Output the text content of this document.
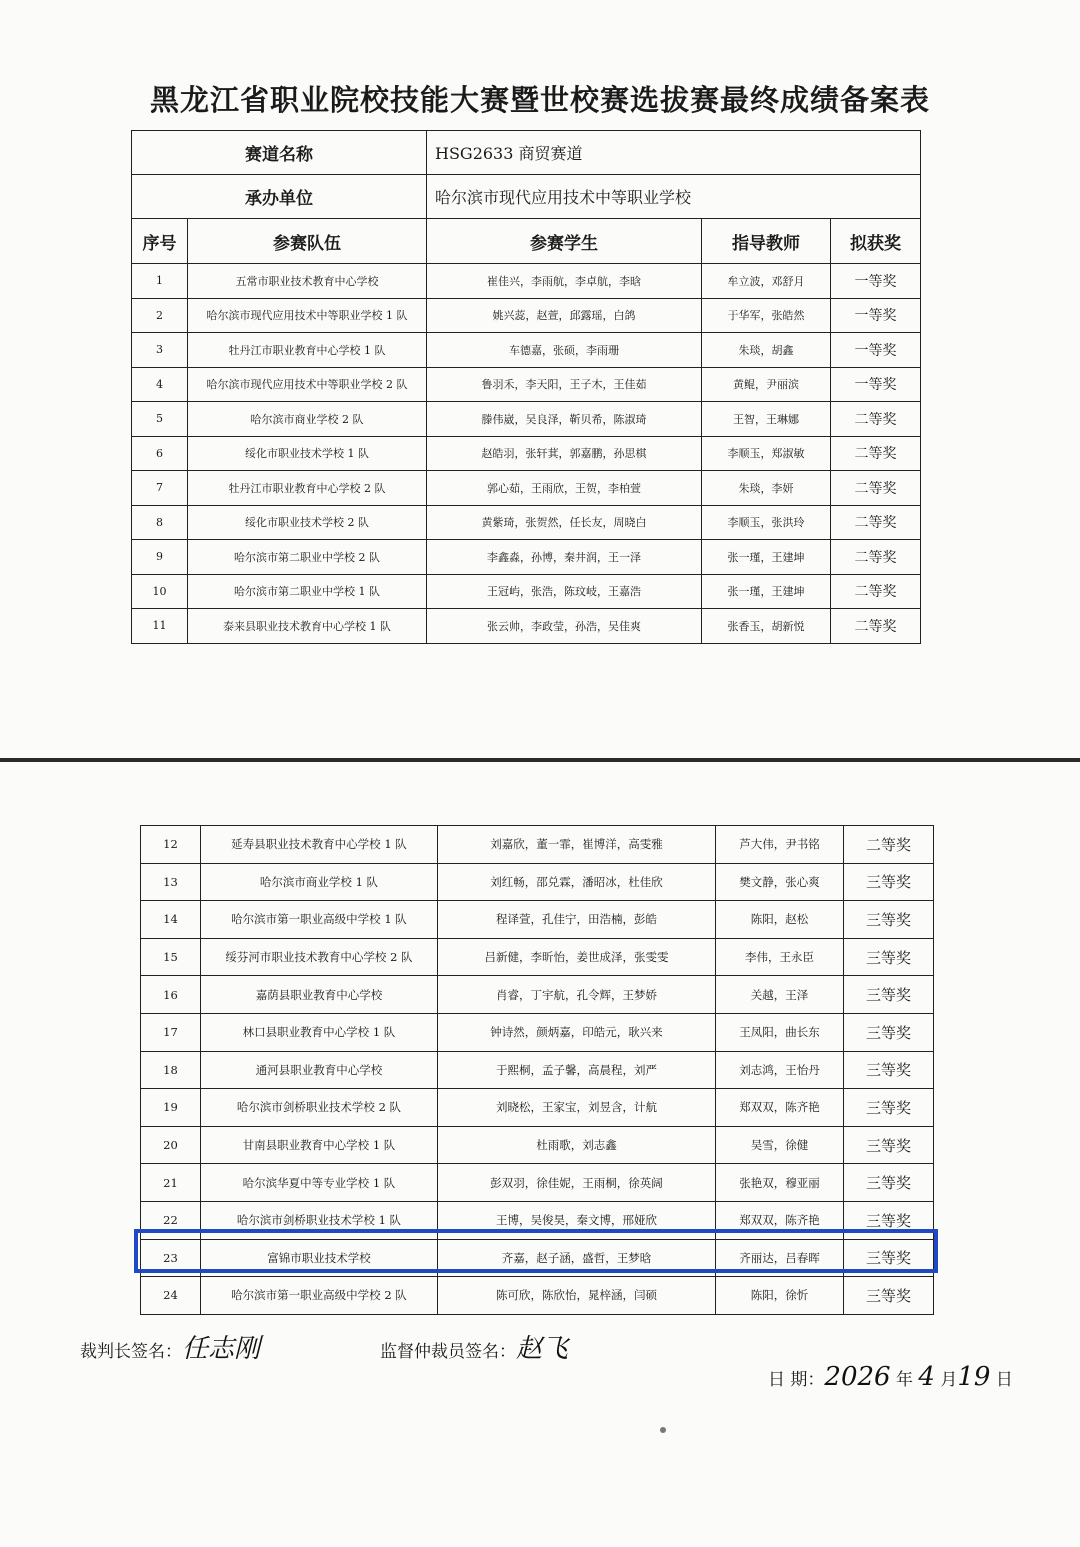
黑龙江省职业院校技能大赛暨世校赛选拔赛最终成绩备案表
赛道名称		HSG2633 商贸赛道		
承办单位		哈尔滨市现代应用技术中等职业学校		
序号	参赛队伍	参赛学生	指导教师	拟获奖
1	五常市职业技术教育中心学校	崔佳兴，李雨航，李卓航，李晗	牟立波，邓舒月	一等奖
2	哈尔滨市现代应用技术中等职业学校 1 队	姚兴蕊，赵萱，邱露瑶，白鸽	于华军，张皓然	一等奖
3	牡丹江市职业教育中心学校 1 队	车德嘉，张硕，李雨珊	朱琰，胡鑫	一等奖
4	哈尔滨市现代应用技术中等职业学校 2 队	鲁羽禾，李天阳，王子木，王佳茹	黄鲲，尹丽滨	一等奖
5	哈尔滨市商业学校 2 队	滕伟崴，吴良泽，靳贝希，陈淑琦	王智，王琳娜	二等奖
6	绥化市职业技术学校 1 队	赵皓羽，张轩萁，郭嘉鹏，孙思棋	李顺玉，郑淑敏	二等奖
7	牡丹江市职业教育中心学校 2 队	郭心茹，王雨欣，王贺，李柏萱	朱琰，李妍	二等奖
8	绥化市职业技术学校 2 队	黄紫琦，张贺然，任长友，周晓白	李顺玉，张洪玲	二等奖
9	哈尔滨市第二职业中学校 2 队	李鑫淼，孙博，秦井润，王一泽	张一瑾，王建坤	二等奖
10	哈尔滨市第二职业中学校 1 队	王冠屿，张浩，陈玟岐，王嘉浩	张一瑾，王建坤	二等奖
11	泰来县职业技术教育中心学校 1 队	张云帅，李政莹，孙浩，吴佳爽	张香玉，胡新悦	二等奖
12	延寿县职业技术教育中心学校 1 队	刘嘉欣，董一霏，崔博洋，高雯雅	芦大伟，尹书铭	二等奖
13	哈尔滨市商业学校 1 队	刘红畅，邵兑霖，潘昭冰，杜佳欣	樊文静，张心爽	三等奖
14	哈尔滨市第一职业高级中学校 1 队	程译萱，孔佳宁，田浩楠，彭皓	陈阳，赵松	三等奖
15	绥芬河市职业技术教育中心学校 2 队	吕新健，李昕怡，姜世成泽，张雯雯	李伟，王永臣	三等奖
16	嘉荫县职业教育中心学校	肖睿，丁宇航，孔令辉，王梦娇	关越，王泽	三等奖
17	林口县职业教育中心学校 1 队	钟诗然，颜炳嘉，印皓元，耿兴来	王凤阳，曲长东	三等奖
18	通河县职业教育中心学校	于熙桐，孟子馨，高晨程，刘严	刘志鸿，王怡丹	三等奖
19	哈尔滨市剑桥职业技术学校 2 队	刘晓松，王家宝，刘昱含，计航	郑双双，陈齐艳	三等奖
20	甘南县职业教育中心学校 1 队	杜雨歌，刘志鑫	吴雪，徐健	三等奖
21	哈尔滨华夏中等专业学校 1 队	彭双羽，徐佳妮，王雨桐，徐英阔	张艳双，穆亚丽	三等奖
22	哈尔滨市剑桥职业技术学校 1 队	王博，吴俊昊，秦文博，邢娅欣	郑双双，陈齐艳	三等奖
23	富锦市职业技术学校	齐嘉，赵子涵，盛哲，王梦晗	齐丽达，吕春晖	三等奖
24	哈尔滨市第一职业高级中学校 2 队	陈可欣，陈欣怡，晁梓涵，闫硕	陈阳，徐忻	三等奖
裁判长签名：任志刚	监督仲裁员签名：赵飞
日 期：2026 年 4 月19 日
